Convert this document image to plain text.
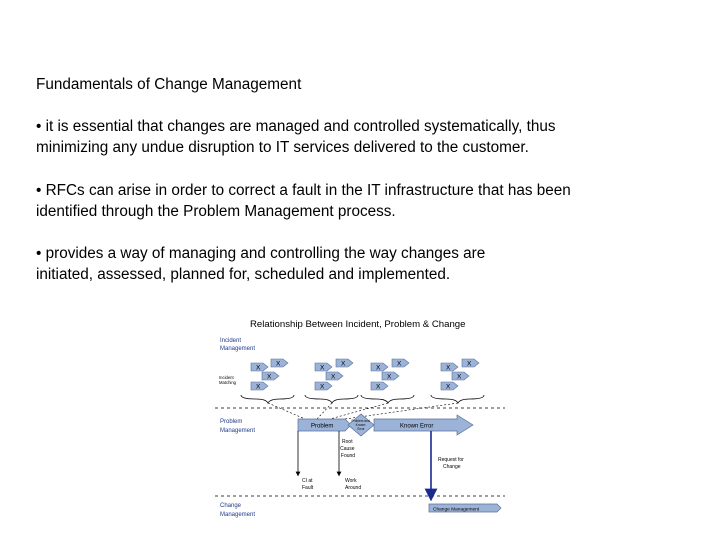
Fundamentals of Change Management

• it is essential that changes are managed and controlled systematically, thus
minimizing any undue disruption to IT services delivered to the customer.

• RFCs can arise in order to correct a fault in the IT infrastructure that has been
identified through the Problem Management process.

• provides a way of managing and controlling the way changes are
initiated, assessed, planned for, scheduled and implemented.

Relationship Between Incident, Problem & Change
Incident Management
Incident Matching
Problem Management
Change Management
X
X
X
X
X
X
X
X
X
X
X
X
X
X
X
X
Problem
Problem and Known Error	Known Error
Root Cause Found
CI at Fault
Work Around
Request for Change
Change Management
